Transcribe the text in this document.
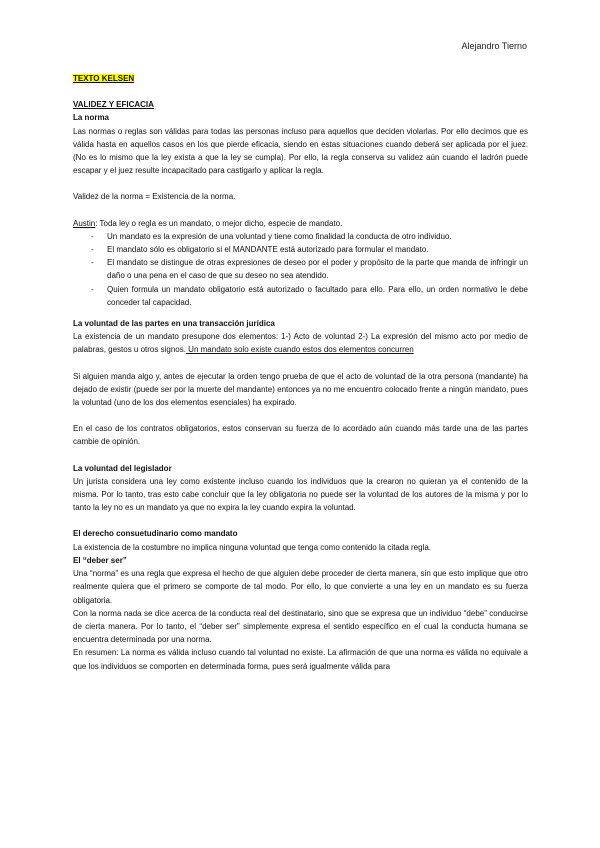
Alejandro Tierno

TEXTO KELSEN

VALIDEZ Y EFICACIA

La norma

Las normas o reglas son válidas para todas las personas incluso para aquellos que deciden violarlas. Por ello decimos que es válida hasta en aquellos casos en los que pierde eficacia, siendo en estas situaciones cuando deberá ser aplicada por el juez. (No es lo mismo que la ley exista a que la ley se cumpla). Por ello, la regla conserva su validez aún cuando el ladrón puede escapar y el juez resulte incapacitado para castigarlo y aplicar la regla.

Validez de la norma = Existencia de la norma.

Austin: Toda ley o regla es un mandato, o mejor dicho, especie de mandato.

- Un mandato es la expresión de una voluntad y tiene como finalidad la conducta de otro individuo.
- El mandato sólo es obligatorio si el MANDANTE está autorizado para formular el mandato.
- El mandato se distingue de otras expresiones de deseo por el poder y propósito de la parte que manda de infringir un daño o una pena en el caso de que su deseo no sea atendido.
- Quien formula un mandato obligatorio está autorizado o facultado para ello. Para ello, un orden normativo le debe conceder tal capacidad.

La voluntad de las partes en una transacción jurídica

La existencia de un mandato presupone dos elementos: 1-) Acto de voluntad 2-) La expresión del mismo acto por medio de palabras, gestos u otros signos. Un mandato solo existe cuando estos dos elementos concurren

Si alguien manda algo y, antes de ejecutar la orden tengo prueba de que el acto de voluntad de la otra persona (mandante) ha dejado de existir (puede ser por la muerte del mandante) entonces ya no me encuentro colocado frente a ningún mandato, pues la voluntad (uno de los dos elementos esenciales) ha expirado.

En el caso de los contratos obligatorios, estos conservan su fuerza de lo acordado aún cuando más tarde una de las partes cambie de opinión.

La voluntad del legislador

Un jurista considera una ley como existente incluso cuando los individuos que la crearon no quieran ya el contenido de la misma. Por lo tanto, tras esto cabe concluir que la ley obligatoria no puede ser la voluntad de los autores de la misma y por lo tanto la ley no es un mandato ya que no expira la ley cuando expira la voluntad.

El derecho consuetudinario como mandato

La existencia de la costumbre no implica ninguna voluntad que tenga como contenido la citada regla.

El “deber ser”

Una “norma” es una regla que expresa el hecho de que alguien debe proceder de cierta manera, sin que esto implique que otro realmente quiera que el primero se comporte de tal modo. Por ello, lo que convierte a una ley en un mandato es su fuerza obligatoria.

Con la norma nada se dice acerca de la conducta real del destinatario, sino que se expresa que un individuo “debe” conducirse de cierta manera. Por lo tanto, el “deber ser” simplemente expresa el sentido específico en el cual la conducta humana se encuentra determinada por una norma.

En resumen: La norma es válida incluso cuando tal voluntad no existe. La afirmación de que una norma es válida no equivale a que los individuos se comporten en determinada forma, pues será igualmente válida para
